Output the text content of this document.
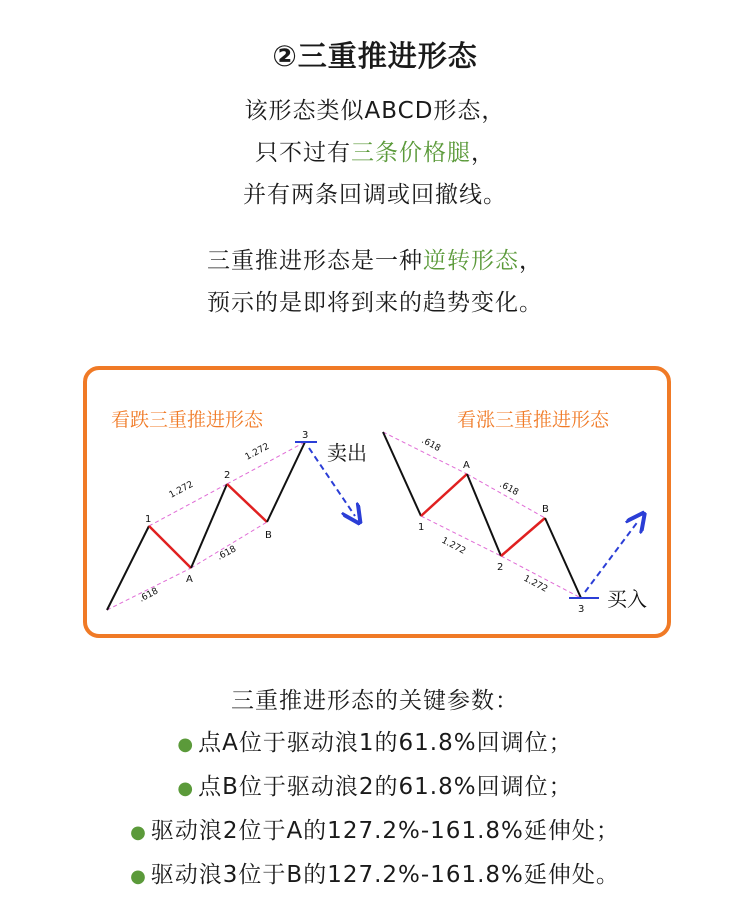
②三重推进形态
该形态类似ABCD形态，
只不过有三条价格腿，
并有两条回调或回撤线。
三重推进形态是一种逆转形态，
预示的是即将到来的趋势变化。
看跌三重推进形态
1
A
2
B
3
1.272
1.272
.618
.618
卖出
看涨三重推进形态
A
1
B
2
3
.618
.618
1.272
1.272
买入
三重推进形态的关键参数：
● 点A位于驱动浪1的61.8%回调位；
● 点B位于驱动浪2的61.8%回调位；
● 驱动浪2位于A的127.2%-161.8%延伸处；
● 驱动浪3位于B的127.2%-161.8%延伸处。
